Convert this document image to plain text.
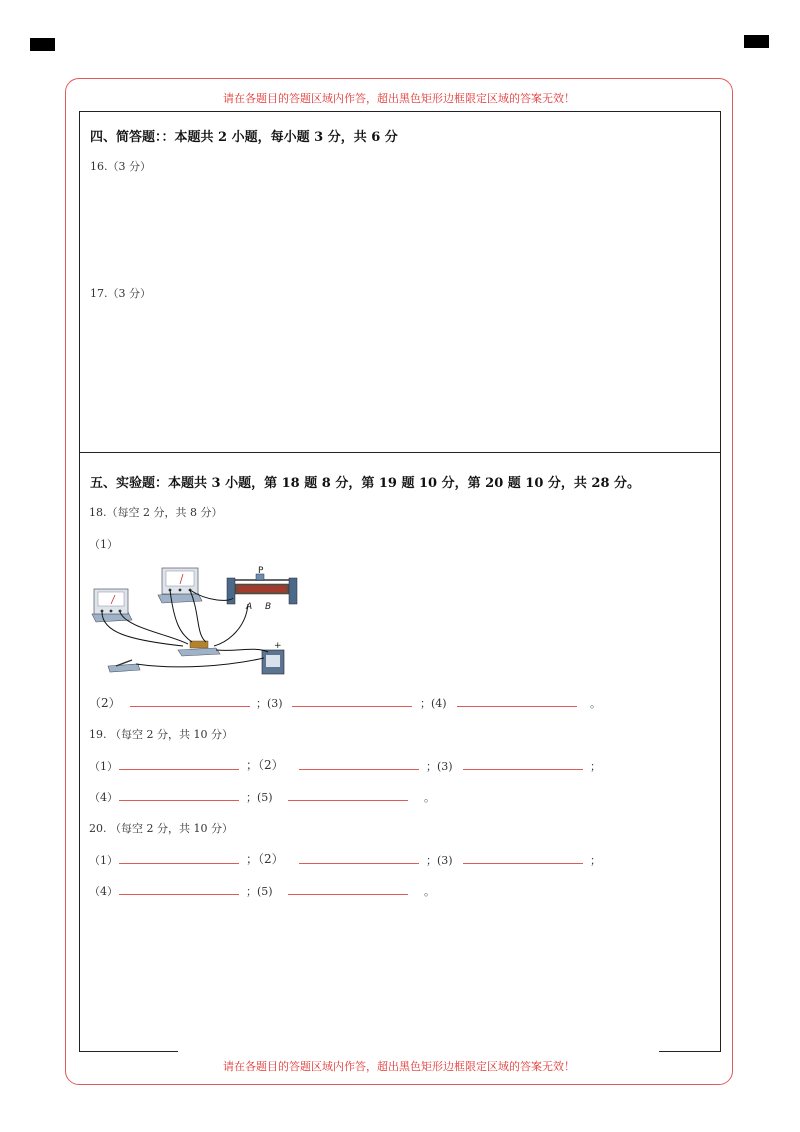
请在各题目的答题区域内作答，超出黑色矩形边框限定区域的答案无效！
请在各题目的答题区域内作答，超出黑色矩形边框限定区域的答案无效！
四、简答题：：本题共 2 小题，每小题 3 分，共 6 分
16.（3 分）
17.（3 分）
五、实验题：本题共 3 小题，第 18 题 8 分，第 19 题 10 分，第 20 题 10 分，共 28 分。
18.（每空 2 分，共 8 分）
（1）
P
A B
+
（2）	；(3)	；(4)	。
19. （每空 2 分，共 10 分）
（1）	；（2）	；(3)	；
（4）	；(5)	。
20. （每空 2 分，共 10 分）
（1）	；（2）	；(3)	；
（4）	；(5)	。
